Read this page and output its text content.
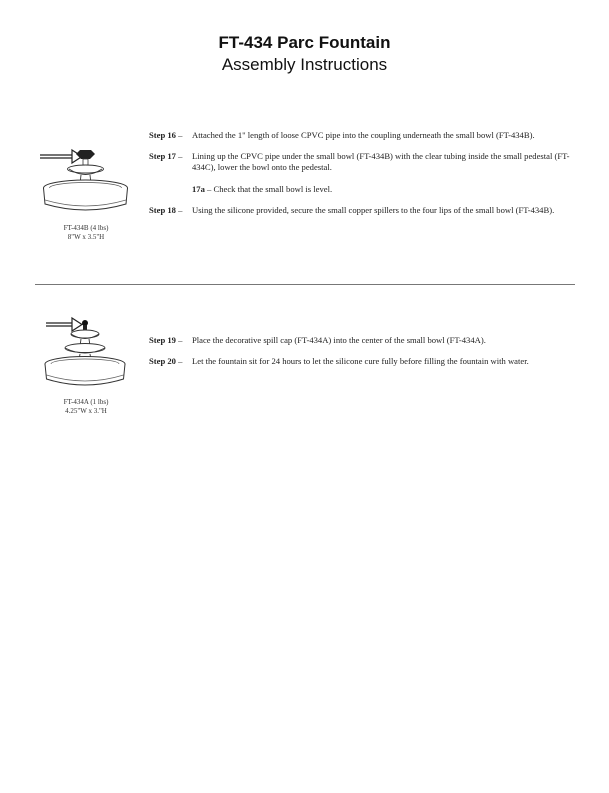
FT-434 Parc Fountain
Assembly Instructions
FT-434B (4 lbs)
8"W x 3.5"H
Step 16 – Attached the 1" length of loose CPVC pipe into the coupling underneath the small bowl (FT-434B).
Step 17 – Lining up the CPVC pipe under the small bowl (FT-434B) with the clear tubing inside the small pedestal (FT-434C), lower the bowl onto the pedestal.
17a – Check that the small bowl is level.
Step 18 – Using the silicone provided, secure the small copper spillers to the four lips of the small bowl (FT-434B).
FT-434A (1 lbs)
4.25"W x 3."H
Step 19 – Place the decorative spill cap (FT-434A) into the center of the small bowl (FT-434A).
Step 20 – Let the fountain sit for 24 hours to let the silicone cure fully before filling the fountain with water.
